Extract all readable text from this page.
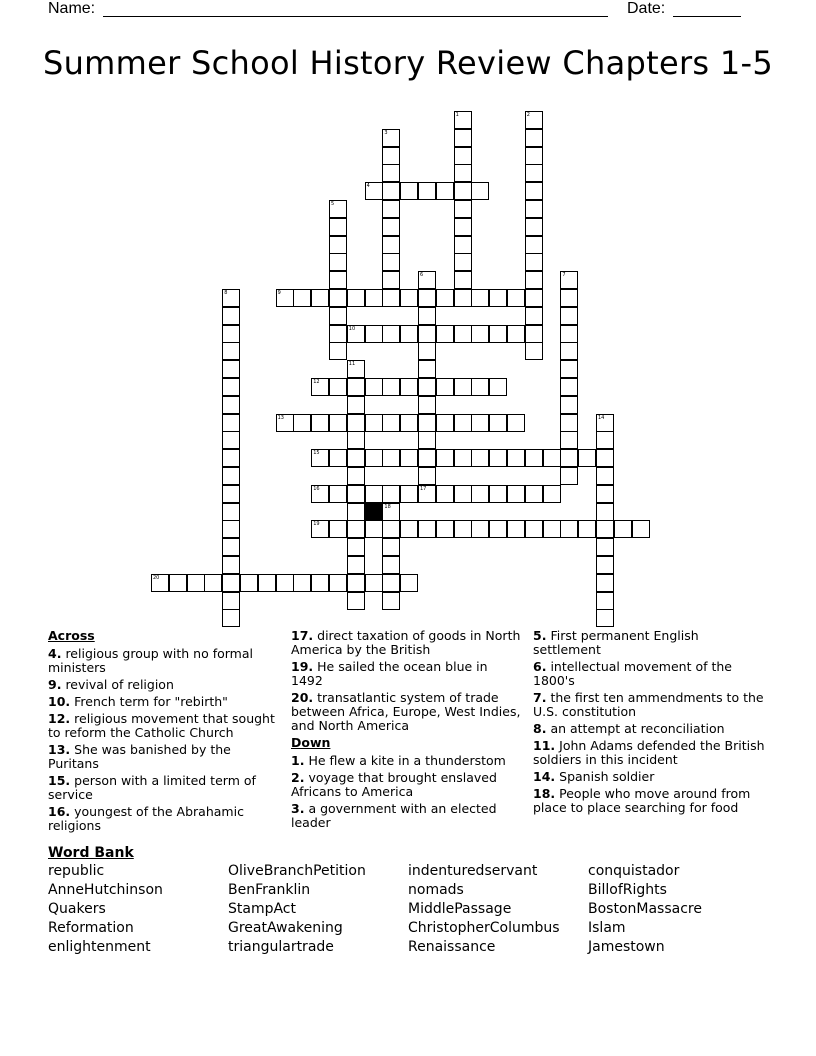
Name:	Date:
Summer School History Review Chapters 1-5
1	2
3
4
5
6	7
8	9
10
11
12
13	14
15
16	17
18
19
20
Across
4. religious group with no formal ministers
9. revival of religion
10. French term for "rebirth"
12. religious movement that sought to reform the Catholic Church
13. She was banished by the Puritans
15. person with a limited term of service
16. youngest of the Abrahamic religions
17. direct taxation of goods in North America by the British
19. He sailed the ocean blue in 1492
20. transatlantic system of trade between Africa, Europe, West Indies, and North America
Down
1. He flew a kite in a thunderstom
2. voyage that brought enslaved Africans to America
3. a government with an elected leader
5. First permanent English settlement
6. intellectual movement of the 1800's
7. the first ten ammendments to the U.S. constitution
8. an attempt at reconciliation
11. John Adams defended the British soldiers in this incident
14. Spanish soldier
18. People who move around from place to place searching for food
Word Bank
republic	OliveBranchPetition	indenturedservant	conquistador
AnneHutchinson	BenFranklin	nomads	BillofRights
Quakers	StampAct	MiddlePassage	BostonMassacre
Reformation	GreatAwakening	ChristopherColumbus	Islam
enlightenment	triangulartrade	Renaissance	Jamestown
